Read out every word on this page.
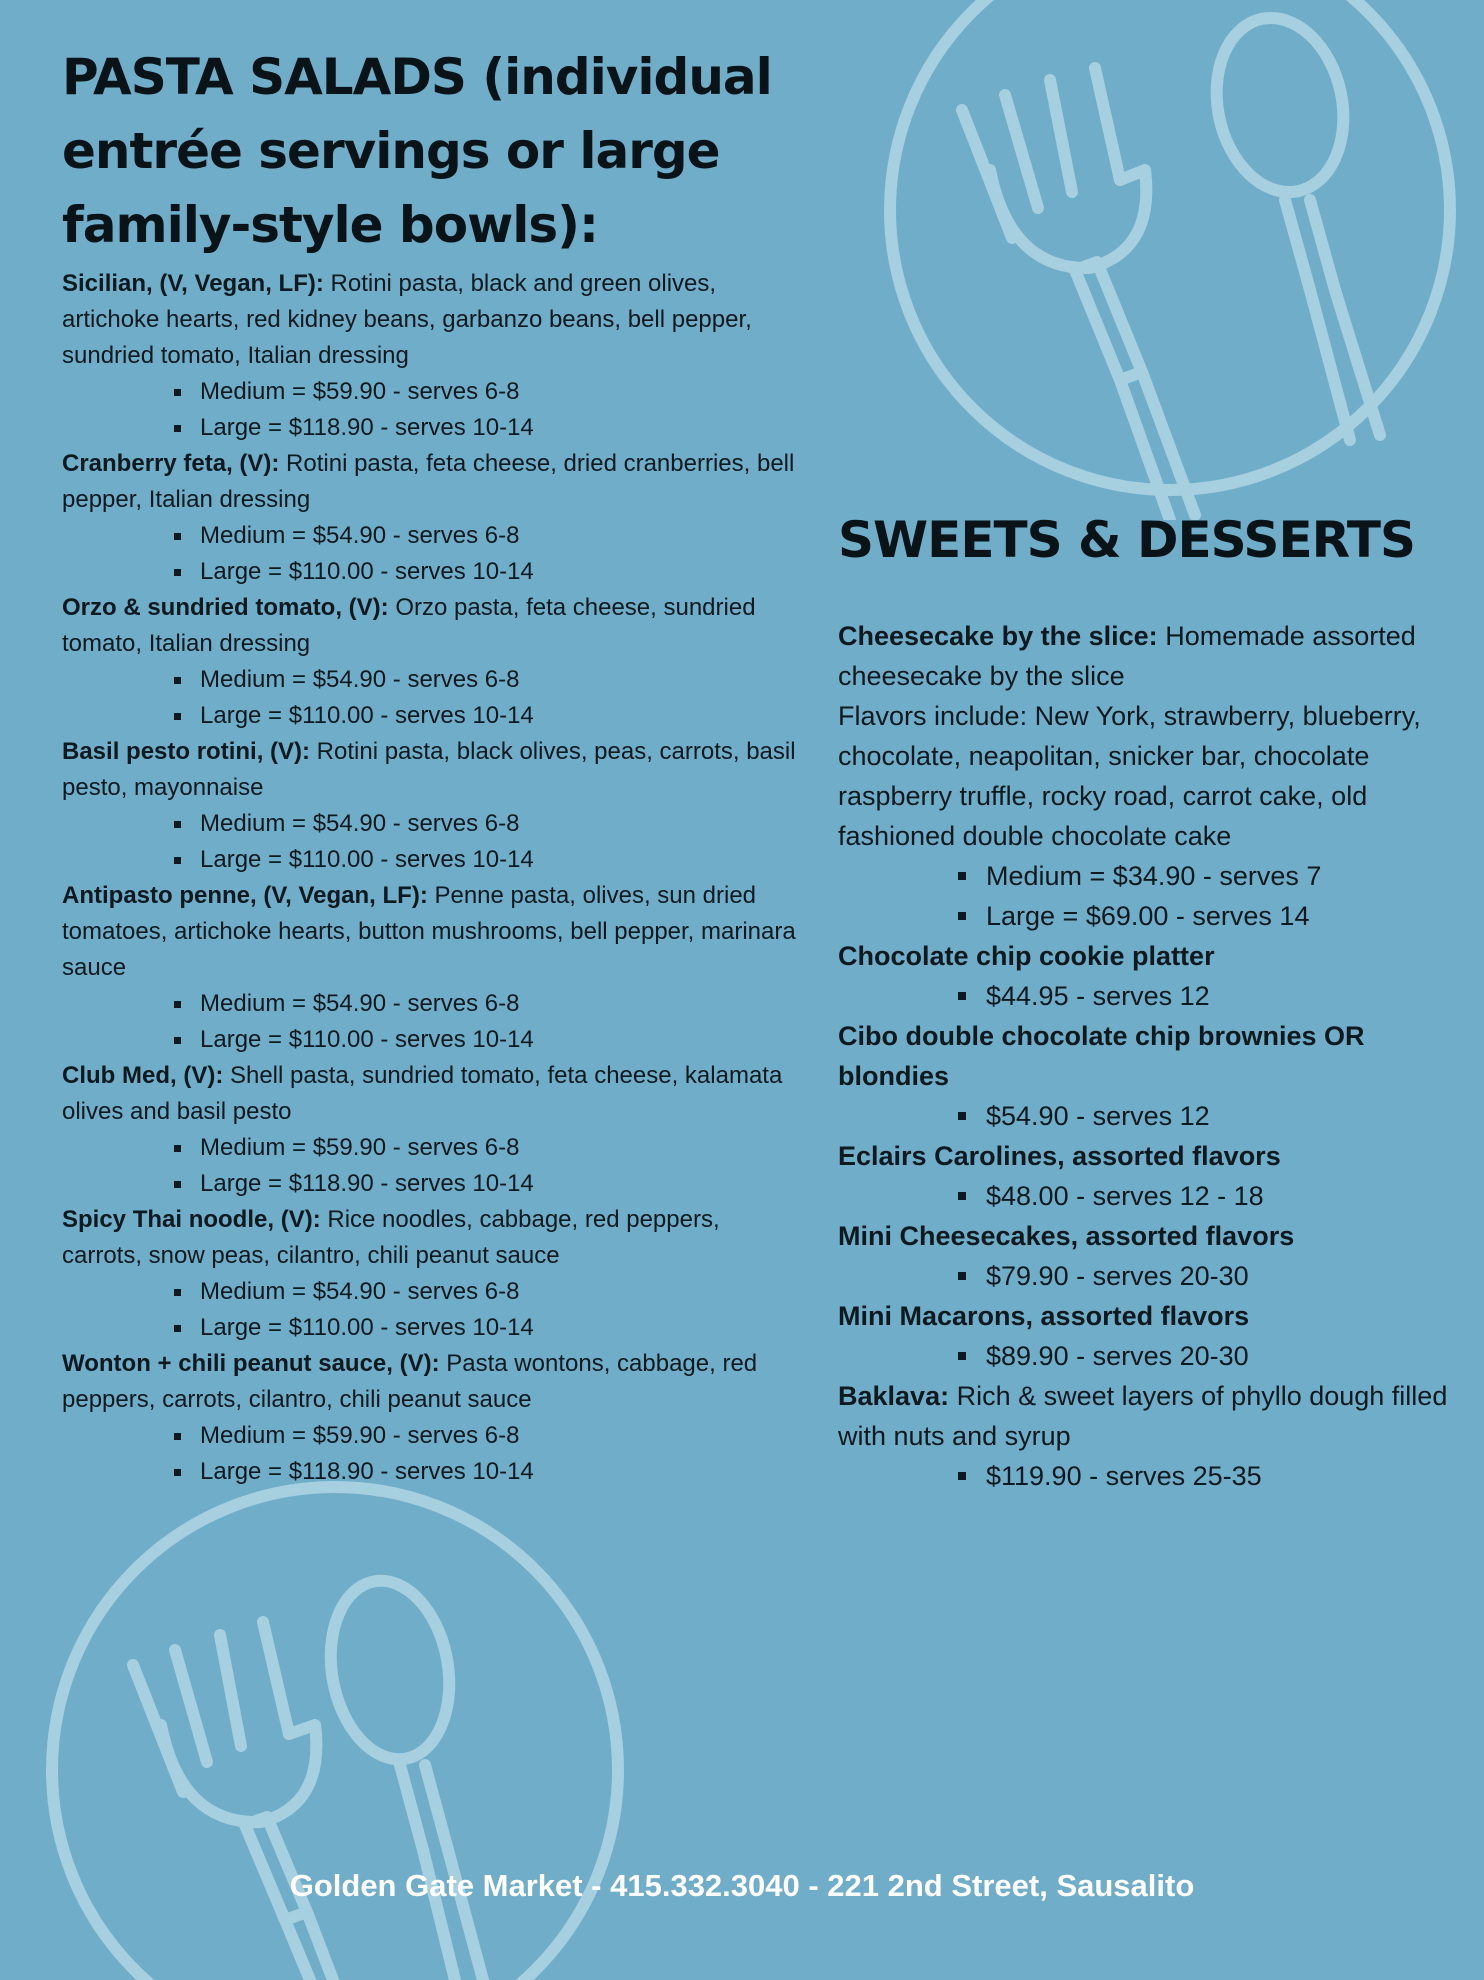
PASTA SALADS (individual entrée servings or large family-style bowls):

Sicilian, (V, Vegan, LF): Rotini pasta, black and green olives, artichoke hearts, red kidney beans, garbanzo beans, bell pepper, sundried tomato, Italian dressing

Medium = $59.90 - serves 6-8
Large = $118.90 - serves 10-14

Cranberry feta, (V): Rotini pasta, feta cheese, dried cranberries, bell pepper, Italian dressing

Medium = $54.90 - serves 6-8
Large = $110.00 - serves 10-14

Orzo & sundried tomato, (V): Orzo pasta, feta cheese, sundried tomato, Italian dressing

Medium = $54.90 - serves 6-8
Large = $110.00 - serves 10-14

Basil pesto rotini, (V): Rotini pasta, black olives, peas, carrots, basil pesto, mayonnaise

Medium = $54.90 - serves 6-8
Large = $110.00 - serves 10-14

Antipasto penne, (V, Vegan, LF): Penne pasta, olives, sun dried tomatoes, artichoke hearts, button mushrooms, bell pepper, marinara sauce

Medium = $54.90 - serves 6-8
Large = $110.00 - serves 10-14

Club Med, (V): Shell pasta, sundried tomato, feta cheese, kalamata olives and basil pesto

Medium = $59.90 - serves 6-8
Large = $118.90 - serves 10-14

Spicy Thai noodle, (V): Rice noodles, cabbage, red peppers, carrots, snow peas, cilantro, chili peanut sauce

Medium = $54.90 - serves 6-8
Large = $110.00 - serves 10-14

Wonton + chili peanut sauce, (V): Pasta wontons, cabbage, red peppers, carrots, cilantro, chili peanut sauce

Medium = $59.90 - serves 6-8
Large = $118.90 - serves 10-14
SWEETS & DESSERTS

Cheesecake by the slice: Homemade assorted cheesecake by the slice

Flavors include: New York, strawberry, blueberry, chocolate, neapolitan, snicker bar, chocolate raspberry truffle, rocky road, carrot cake, old fashioned double chocolate cake

Medium = $34.90 - serves 7
Large = $69.00 - serves 14

Chocolate chip cookie platter

$44.95 - serves 12

Cibo double chocolate chip brownies OR blondies

$54.90 - serves 12

Eclairs Carolines, assorted flavors

$48.00 - serves 12 - 18

Mini Cheesecakes, assorted flavors

$79.90 - serves 20-30

Mini Macarons, assorted flavors

$89.90 - serves 20-30

Baklava: Rich & sweet layers of phyllo dough filled with nuts and syrup

$119.90 - serves 25-35
Golden Gate Market - 415.332.3040 - 221 2nd Street, Sausalito
